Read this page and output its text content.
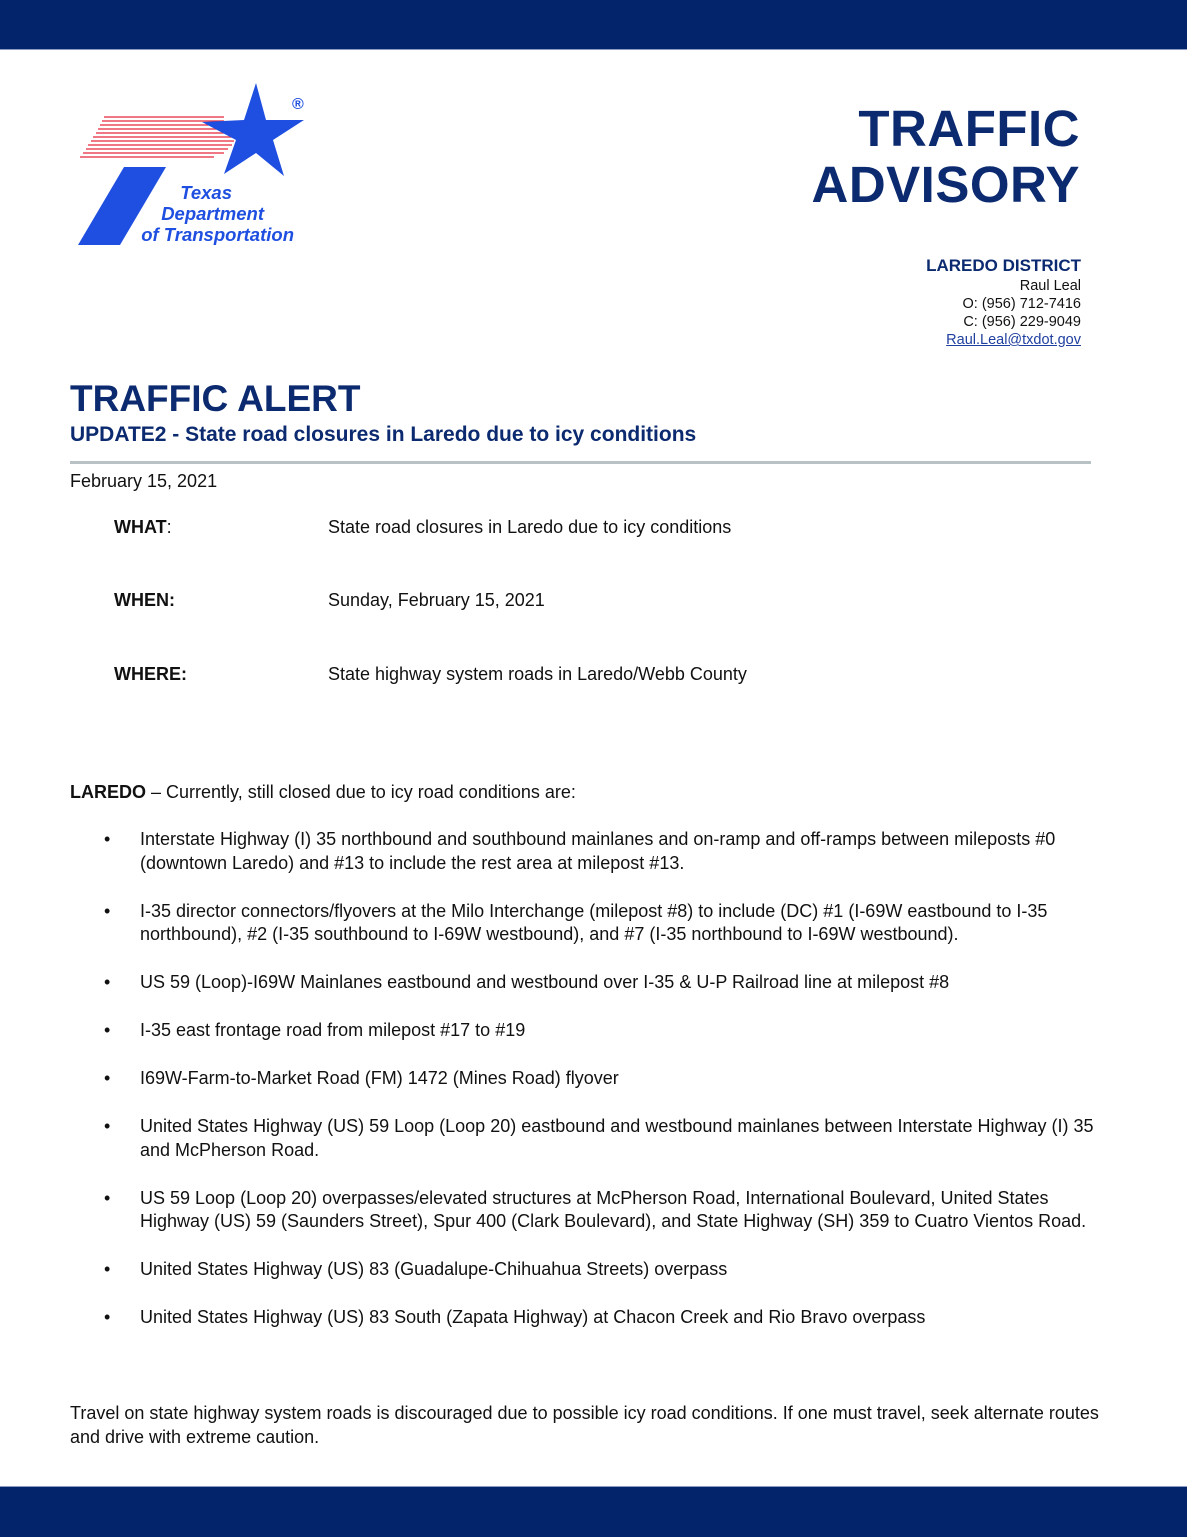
®
Texas
Department
of Transportation
TRAFFIC
ADVISORY
LAREDO DISTRICT
Raul Leal
O: (956) 712-7416
C: (956) 229-9049
Raul.Leal@txdot.gov
TRAFFIC ALERT
UPDATE2 - State road closures in Laredo due to icy conditions
February 15, 2021
WHAT:	State road closures in Laredo due to icy conditions
WHEN:	Sunday, February 15, 2021
WHERE:	State highway system roads in Laredo/Webb County
LAREDO – Currently, still closed due to icy road conditions are:
• Interstate Highway (I) 35 northbound and southbound mainlanes and on-ramp and off-ramps between mileposts #0 (downtown Laredo) and #13 to include the rest area at milepost #13.
• I-35 director connectors/flyovers at the Milo Interchange (milepost #8) to include (DC) #1 (I-69W eastbound to I-35 northbound), #2 (I-35 southbound to I-69W westbound), and #7 (I-35 northbound to I-69W westbound).
• US 59 (Loop)-I69W Mainlanes eastbound and westbound over I-35 & U-P Railroad line at milepost #8
• I-35 east frontage road from milepost #17 to #19
• I69W-Farm-to-Market Road (FM) 1472 (Mines Road) flyover
• United States Highway (US) 59 Loop (Loop 20) eastbound and westbound mainlanes between Interstate Highway (I) 35 and McPherson Road.
• US 59 Loop (Loop 20) overpasses/elevated structures at McPherson Road, International Boulevard, United States Highway (US) 59 (Saunders Street), Spur 400 (Clark Boulevard), and State Highway (SH) 359 to Cuatro Vientos Road.
• United States Highway (US) 83 (Guadalupe-Chihuahua Streets) overpass
• United States Highway (US) 83 South (Zapata Highway) at Chacon Creek and Rio Bravo overpass
Travel on state highway system roads is discouraged due to possible icy road conditions. If one must travel, seek alternate routes and drive with extreme caution.
